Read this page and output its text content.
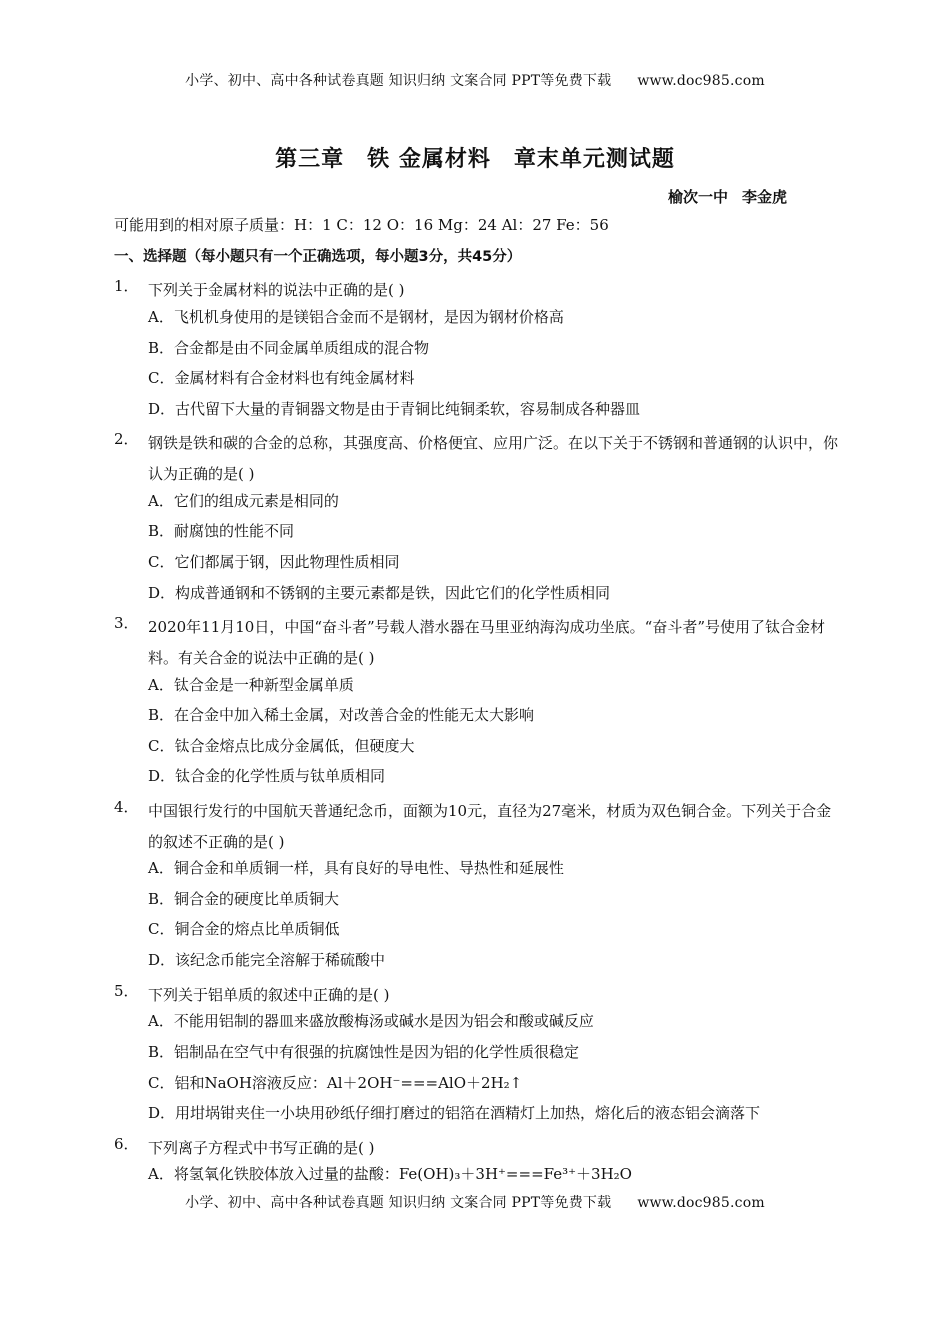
小学、初中、高中各种试卷真题 知识归纳 文案合同 PPT等免费下载 www.doc985.com
第三章　铁 金属材料　章末单元测试题
榆次一中 李金虎
可能用到的相对原子质量：H：1 C：12 O：16 Mg：24 Al：27 Fe：56
一、选择题（每小题只有一个正确选项，每小题3分，共45分）
1． 下列关于金属材料的说法中正确的是( )
A．飞机机身使用的是镁铝合金而不是钢材，是因为钢材价格高
B．合金都是由不同金属单质组成的混合物
C．金属材料有合金材料也有纯金属材料
D．古代留下大量的青铜器文物是由于青铜比纯铜柔软，容易制成各种器皿
2． 钢铁是铁和碳的合金的总称，其强度高、价格便宜、应用广泛。在以下关于不锈钢和普通钢的认识中，你认为正确的是( )
A．它们的组成元素是相同的
B．耐腐蚀的性能不同
C．它们都属于钢，因此物理性质相同
D．构成普通钢和不锈钢的主要元素都是铁，因此它们的化学性质相同
3． 2020年11月10日，中国“奋斗者”号载人潜水器在马里亚纳海沟成功坐底。“奋斗者”号使用了钛合金材料。有关合金的说法中正确的是( )
A．钛合金是一种新型金属单质
B．在合金中加入稀土金属，对改善合金的性能无太大影响
C．钛合金熔点比成分金属低，但硬度大
D．钛合金的化学性质与钛单质相同
4． 中国银行发行的中国航天普通纪念币，面额为10元，直径为27毫米，材质为双色铜合金。下列关于合金的叙述不正确的是( )
A．铜合金和单质铜一样，具有良好的导电性、导热性和延展性
B．铜合金的硬度比单质铜大
C．铜合金的熔点比单质铜低
D．该纪念币能完全溶解于稀硫酸中
5． 下列关于铝单质的叙述中正确的是( )
A．不能用铝制的器皿来盛放酸梅汤或碱水是因为铝会和酸或碱反应
B．铝制品在空气中有很强的抗腐蚀性是因为铝的化学性质很稳定
C．铝和NaOH溶液反应：Al＋2OH⁻===AlO＋2H₂↑
D．用坩埚钳夹住一小块用砂纸仔细打磨过的铝箔在酒精灯上加热，熔化后的液态铝会滴落下
6． 下列离子方程式中书写正确的是( )
A．将氢氧化铁胶体放入过量的盐酸：Fe(OH)₃＋3H⁺===Fe³⁺＋3H₂O
小学、初中、高中各种试卷真题 知识归纳 文案合同 PPT等免费下载 www.doc985.com
